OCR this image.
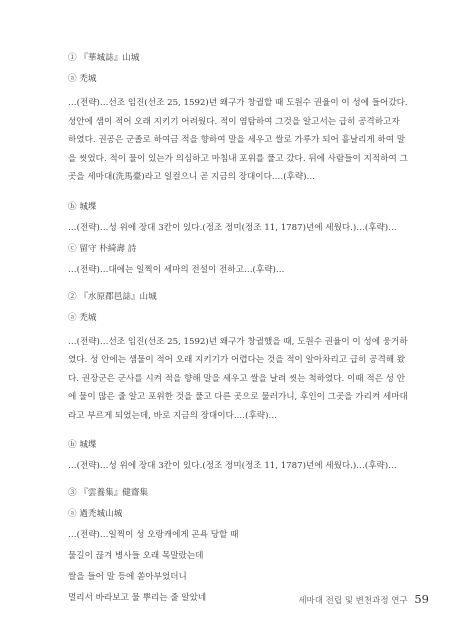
① 『華城誌』山城
ⓐ 禿城
…(전략)…선조 임진(선조 25, 1592)년 왜구가 창궐할 때 도원수 권율이 이 성에 들어갔다. 성안에 샘이 적어 오래 지키기 어려웠다. 적이 염탐하여 그것을 알고서는 급히 공격하고자 하였다. 권공은 군졸로 하여금 적을 향하여 말을 세우고 쌀로 가루가 되어 흩날리게 하여 말을 씻었다. 적이 물이 있는가 의심하고 마침내 포위를 풀고 갔다. 뒤에 사람들이 지적하여 그곳을 세마대(洗馬臺)라고 일컬으니 곧 지금의 장대이다.…(후략)…
ⓑ 城堞
…(전략)…성 위에 장대 3칸이 있다.(정조 정미(정조 11, 1787)년에 세웠다.)…(후략)…
ⓒ 留守 朴綺壽 詩
…(전략)…대에는 일찍이 세마의 전설이 전하고…(후략)…
② 『水原郡邑誌』山城
ⓐ 禿城
…(전략)…선조 임진(선조 25, 1592)년 왜구가 창궐했을 때, 도원수 권율이 이 성에 웅거하였다. 성 안에는 샘물이 적어 오래 지키기가 어렵다는 것을 적이 알아차리고 급히 공격해 왔다. 권장군은 군사를 시켜 적을 향해 말을 세우고 쌀을 날려 씻는 척하였다. 이때 적은 성 안에 물이 많은 줄 알고 포위한 것을 풀고 다른 곳으로 물러가니, 후인이 그곳을 가리켜 세마대라고 부르게 되었는데, 바로 지금의 장대이다.…(후략)…
ⓑ 城堞
…(전략)…성 위에 장대 3칸이 있다.(정조 정미(정조 11, 1787)년에 세웠다.)…(후략)…
③ 『雲養集』健齋集
ⓐ 過禿城山城
…(전략)…일찍이 성 오랑캐에게 곤욕 당할 때
물길이 끊겨 병사들 오래 목말랐는데
쌀을 들어 말 등에 쏟아부었더니
멀리서 바라보고 물 뿌리는 줄 알았네	세마대 전립 및 변천과정 연구 59
